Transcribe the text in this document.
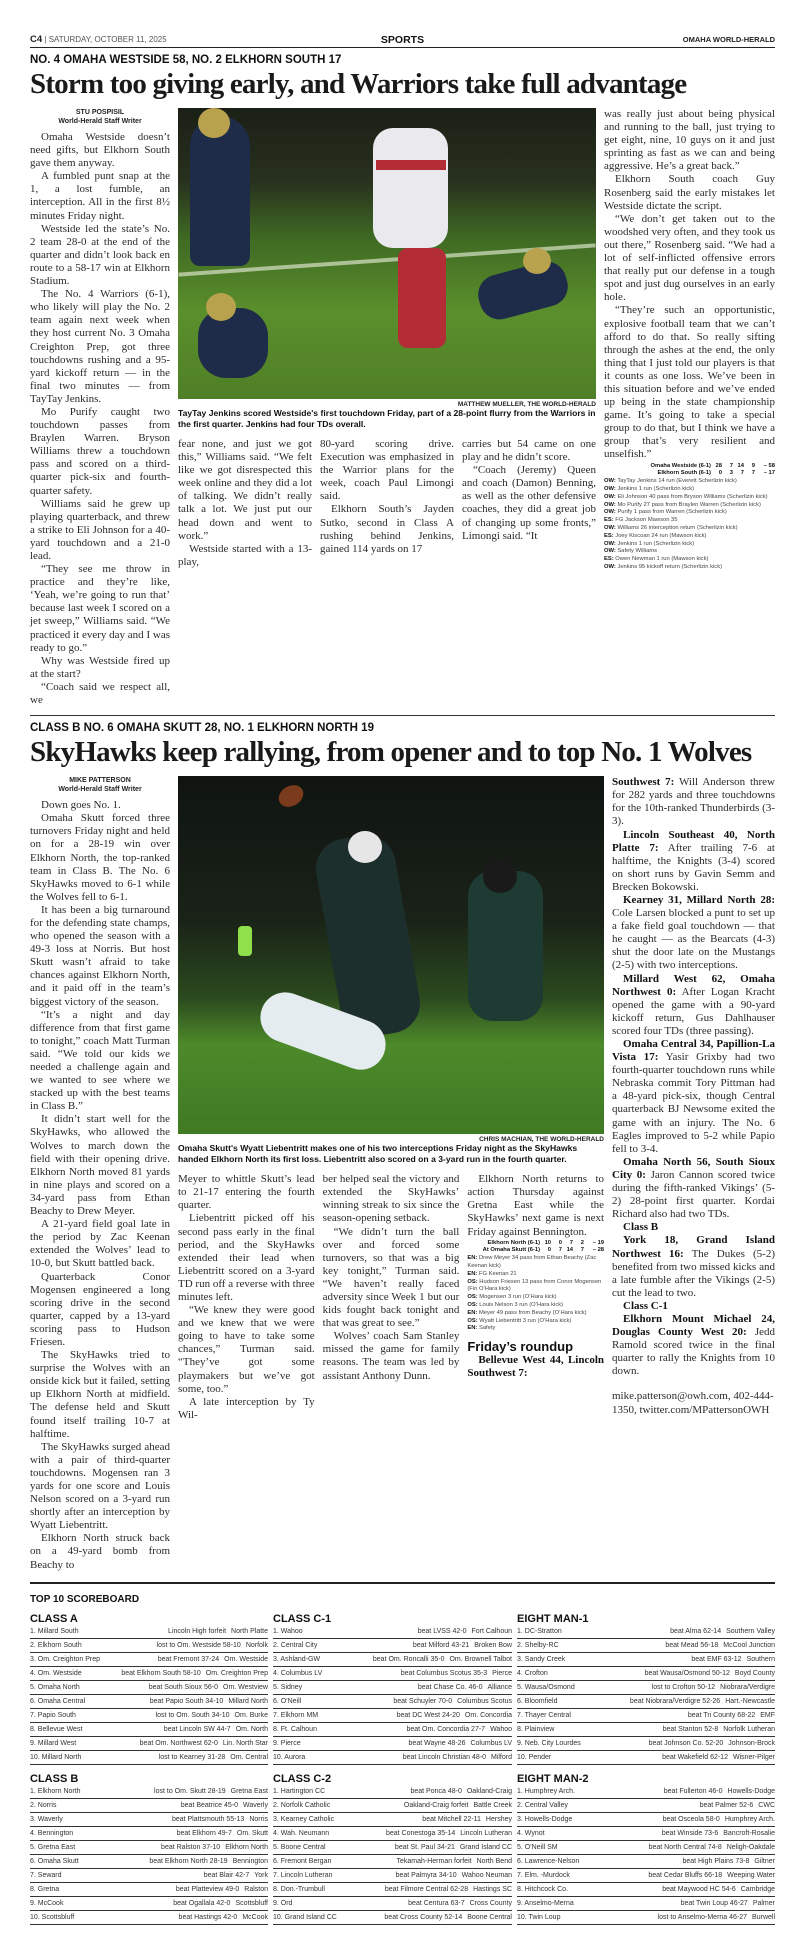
C4 | SATURDAY, OCTOBER 11, 2025	SPORTS	OMAHA WORLD-HERALD
NO. 4 OMAHA WESTSIDE 58, NO. 2 ELKHORN SOUTH 17
Storm too giving early, and Warriors take full advantage
STU POSPISIL
World-Herald Staff Writer

Omaha Westside doesn’t need gifts, but Elkhorn South gave them anyway.

A fumbled punt snap at the 1, a lost fumble, an interception. All in the first 8½ minutes Friday night.

Westside led the state’s No. 2 team 28-0 at the end of the quarter and didn’t look back en route to a 58-17 win at Elkhorn Stadium.

The No. 4 Warriors (6-1), who likely will play the No. 2 team again next week when they host current No. 3 Omaha Creighton Prep, got three touchdowns rushing and a 95-yard kickoff return — in the final two minutes — from TayTay Jenkins.

Mo Purify caught two touchdown passes from Braylen Warren. Bryson Williams threw a touchdown pass and scored on a third-quarter pick-six and fourth-quarter safety.

Williams said he grew up playing quarterback, and threw a strike to Eli Johnson for a 40-yard touchdown and a 21-0 lead.

“They see me throw in practice and they’re like, ‘Yeah, we’re going to run that’ because last week I scored on a jet sweep,” Williams said. “We practiced it every day and I was ready to go.”

Why was Westside fired up at the start?

“Coach said we respect all, we

MATTHEW MUELLER, THE WORLD-HERALD
TayTay Jenkins scored Westside's first touchdown Friday, part of a 28-point flurry from the Warriors in the first quarter. Jenkins had four TDs overall.

fear none, and just we got this,” Williams said. “We felt like we got disrespected this week online and they did a lot of talking. We didn’t really talk a lot. We just put our head down and went to work.”

Westside started with a 13-play,

80-yard scoring drive. Execution was emphasized in the Warrior plans for the week, coach Paul Limongi said.

Elkhorn South’s Jayden Sutko, second in Class A rushing behind Jenkins, gained 114 yards on 17

carries but 54 came on one play and he didn’t score.

“Coach (Jeremy) Queen and coach (Damon) Benning, as well as the other defensive coaches, they did a great job of changing up some fronts,” Limongi said. “It

was really just about being physical and running to the ball, just trying to get eight, nine, 10 guys on it and just sprinting as fast as we can and being aggressive. He’s a great back.”

Elkhorn South coach Guy Rosenberg said the early mistakes let Westside dictate the script.

“We don’t get taken out to the woodshed very often, and they took us out there,” Rosenberg said. “We had a lot of self-inflicted offensive errors that really put our defense in a tough spot and just dug ourselves in an early hole.

“They’re such an opportunistic, explosive football team that we can’t afford to do that. So really sifting through the ashes at the end, the only thing that I just told our players is that it counts as one loss. We’ve been in this situation before and we’ve ended up being in the state championship game. It’s going to take a special group to do that, but I think we have a group that’s very resilient and unselfish.”

Omaha Westside (6-1) 28	7 14	9	– 58
Elkhorn South (6-1)	0	3	7	7	– 17
OW: TayTay Jenkins 14 run (Everett Scherlizin kick)
OW: Jenkins 1 run (Scherlizin kick)
OW: Eli Johnson 40 pass from Bryson Williams (Scherlizin kick)
OW: Mo Purify 27 pass from Braylen Warren (Scherlizin kick)
OW: Purify 1 pass from Warren (Scherlizin kick)
ES: FG Jackson Mawson 35
OW: Williams 26 interception return (Scherlizin kick)
ES: Joey Kiscoan 24 run (Mawson kick)
OW: Jenkins 1 run (Scherlizin kick)
OW: Safety Williams
ES: Owen Newman 1 run (Mawson kick)
OW: Jenkins 95 kickoff return (Scherlizin kick)
CLASS B NO. 6 OMAHA SKUTT 28, NO. 1 ELKHORN NORTH 19
SkyHawks keep rallying, from opener and to top No. 1 Wolves
MIKE PATTERSON
World-Herald Staff Writer

Down goes No. 1.

Omaha Skutt forced three turnovers Friday night and held on for a 28-19 win over Elkhorn North, the top-ranked team in Class B. The No. 6 SkyHawks moved to 6-1 while the Wolves fell to 6-1.

It has been a big turnaround for the defending state champs, who opened the season with a 49-3 loss at Norris. But host Skutt wasn’t afraid to take chances against Elkhorn North, and it paid off in the team’s biggest victory of the season.

“It’s a night and day difference from that first game to tonight,” coach Matt Turman said. “We told our kids we needed a challenge again and we wanted to see where we stacked up with the best teams in Class B.”

It didn’t start well for the SkyHawks, who allowed the Wolves to march down the field with their opening drive. Elkhorn North moved 81 yards in nine plays and scored on a 34-yard pass from Ethan Beachy to Drew Meyer.

A 21-yard field goal late in the period by Zac Keenan extended the Wolves’ lead to 10-0, but Skutt battled back.

Quarterback Conor Mogensen engineered a long scoring drive in the second quarter, capped by a 13-yard scoring pass to Hudson Friesen.

The SkyHawks tried to surprise the Wolves with an onside kick but it failed, setting up Elkhorn North at midfield. The defense held and Skutt found itself trailing 10-7 at halftime.

The SkyHawks surged ahead with a pair of third-quarter touchdowns. Mogensen ran 3 yards for one score and Louis Nelson scored on a 3-yard run shortly after an interception by Wyatt Liebentritt.

Elkhorn North struck back on a 49-yard bomb from Beachy to

CHRIS MACHIAN, THE WORLD-HERALD
Omaha Skutt's Wyatt Liebentritt makes one of his two interceptions Friday night as the SkyHawks handed Elkhorn North its first loss. Liebentritt also scored on a 3-yard run in the fourth quarter.

Meyer to whittle Skutt’s lead to 21-17 entering the fourth quarter.

Liebentritt picked off his second pass early in the final period, and the SkyHawks extended their lead when Liebentritt scored on a 3-yard TD run off a reverse with three minutes left.

“We knew they were good and we knew that we were going to have to take some chances,” Turman said. “They’ve got some playmakers but we’ve got some, too.”

A late interception by Ty Wil-

ber helped seal the victory and extended the SkyHawks’ winning streak to six since the season-opening setback.

“We didn’t turn the ball over and forced some turnovers, so that was a big key tonight,” Turman said. “We haven’t really faced adversity since Week 1 but our kids fought back tonight and that was great to see.”

Wolves’ coach Sam Stanley missed the game for family reasons. The team was led by assistant Anthony Dunn.

Elkhorn North returns to action Thursday against Gretna East while the SkyHawks’ next game is next Friday against Bennington.

Elkhorn North (6-1) 10	0	7	2	– 19
At Omaha Skutt (6-1)	0	7 14	7	– 28
EN: Drew Meyer 34 pass from Ethan Beachy (Zac Keenan kick)
EN: FG Keenan 21
OS: Hudson Friesen 13 pass from Conor Mogensen (Fin O’Hara kick)
OS: Mogensen 3 run (O’Hara kick)
OS: Louis Nelson 3 run (O’Hara kick)
EN: Meyer 49 pass from Beachy (O’Hara kick)
OS: Wyatt Liebentritt 3 run (O’Hara kick)
EN: Safety
Friday’s roundup

Bellevue West 44, Lincoln Southwest 7:

Southwest 7: Will Anderson threw for 282 yards and three touchdowns for the 10th-ranked Thunderbirds (3-3).

Lincoln Southeast 40, North Platte 7: After trailing 7-6 at halftime, the Knights (3-4) scored on short runs by Gavin Semm and Brecken Bokowski.

Kearney 31, Millard North 28: Cole Larsen blocked a punt to set up a fake field goal touchdown — that he caught — as the Bearcats (4-3) shut the door late on the Mustangs (2-5) with two interceptions.

Millard West 62, Omaha Northwest 0: After Logan Kracht opened the game with a 90-yard kickoff return, Gus Dahlhauser scored four TDs (three passing).

Omaha Central 34, Papillion-La Vista 17: Yasir Grixby had two fourth-quarter touchdown runs while Nebraska commit Tory Pittman had a 48-yard pick-six, though Central quarterback BJ Newsome exited the game with an injury. The No. 6 Eagles improved to 5-2 while Papio fell to 3-4.

Omaha North 56, South Sioux City 0: Jaron Cannon scored twice during the fifth-ranked Vikings’ (5-2) 28-point first quarter. Kordai Richard also had two TDs.

Class B

York 18, Grand Island Northwest 16: The Dukes (5-2) benefited from two missed kicks and a late fumble after the Vikings (2-5) cut the lead to two.

Class C-1

Elkhorn Mount Michael 24, Douglas County West 20: Jedd Ramold scored twice in the final quarter to rally the Knights from 10 down.

mike.patterson@owh.com, 402-444-1350, twitter.com/MPattersonOWH

TOP 10 SCOREBOARD
CLASS A
1. Millard South	Lincoln High forfeit North Platte
2. Elkhorn South	lost to Om. Westside 58-10 Norfolk
3. Om. Creighton Prep	beat Fremont 37-24 Om. Westside
4. Om. Westside	beat Elkhorn South 58-10 Om. Creighton Prep
5. Omaha North	beat South Sioux 56-0 Om. Westview
6. Omaha Central	beat Papio South 34-10 Millard North
7. Papio South	lost to Om. South 34-10 Om. Burke
8. Bellevue West	beat Lincoln SW 44-7 Om. North
9. Millard West	beat Om. Northwest 62-0 Lin. North Star
10. Millard North	lost to Kearney 31-28 Om. Central
CLASS B
1. Elkhorn North	lost to Om. Skutt 28-19 Gretna East
2. Norris	beat Beatrice 45-0 Waverly
3. Waverly	beat Plattsmouth 55-13 Norris
4. Bennington	beat Elkhorn 49-7 Om. Skutt
5. Gretna East	beat Ralston 37-10 Elkhorn North
6. Omaha Skutt	beat Elkhorn North 28-19 Bennington
7. Seward	beat Blair 42-7 York
8. Gretna	beat Platteview 49-0 Ralston
9. McCook	beat Ogallala 42-0 Scottsbluff
10. Scottsbluff	beat Hastings 42-0 McCook
CLASS C-1
1. Wahoo	beat LVSS 42-0 Fort Calhoun
2. Central City	beat Milford 43-21 Broken Bow
3. Ashland-GW	beat Om. Roncalli 35-0 Om. Brownell Talbot
4. Columbus LV	beat Columbus Scotus 35-3 Pierce
5. Sidney	beat Chase Co. 46-0 Alliance
6. O'Neill	beat Schuyler 70-0 Columbus Scotus
7. Elkhorn MM	beat DC West 24-20 Om. Concordia
8. Ft. Calhoun	beat Om. Concordia 27-7 Wahoo
9. Pierce	beat Wayne 48-26 Columbus LV
10. Aurora	beat Lincoln Christian 48-0 Milford
CLASS C-2
1. Hartington CC	beat Ponca 48-0 Oakland-Craig
2. Norfolk Catholic	Oakland-Craig forfeit Battle Creek
3. Kearney Catholic	beat Mitchell 22-11 Hershey
4. Wah. Neumann	beat Conestoga 35-14 Lincoln Lutheran
5. Boone Central	beat St. Paul 34-21 Grand Island CC
6. Fremont Bergan	Tekamah-Herman forfeit North Bend
7. Lincoln Lutheran	beat Palmyra 34-10 Wahoo Neuman
8. Don.-Trumbull	beat Filmore Central 62-28 Hastings SC
9. Ord	beat Centura 63-7 Cross County
10. Grand Island CC	beat Cross County 52-14 Boone Central
EIGHT MAN-1
1. DC-Stratton	beat Alma 62-14 Southern Valley
2. Shelby-RC	beat Mead 56-18 McCool Junction
3. Sandy Creek	beat EMF 63-12 Southern
4. Crofton	beat Wausa/Osmond 50-12 Boyd County
5. Wausa/Osmond	lost to Crofton 50-12 Niobrara/Verdigre
6. Bloomfield	beat Niobrara/Verdigre 52-26 Hart.-Newcastle
7. Thayer Central	beat Tri County 68-22 EMF
8. Plainview	beat Stanton 52-8 Norfolk Lutheran
9. Neb. City Lourdes	beat Johnson Co. 52-20 Johnson-Brock
10. Pender	beat Wakefield 62-12 Wisner-Pilger
EIGHT MAN-2
1. Humphrey Arch.	beat Fullerton 46-0 Howells-Dodge
2. Central Valley	beat Palmer 52-6 CWC
3. Howells-Dodge	beat Osceola 58-0 Humphrey Arch.
4. Wynot	beat Winside 73-6 Bancroft-Rosalie
5. O'Neill SM	beat North Central 74-8 Neligh-Oakdale
6. Lawrence-Nelson	beat High Plains 73-8 Giltner
7. Elm. -Murdock	beat Cedar Bluffs 66-18 Weeping Water
8. Hitchcock Co.	beat Maywood HC 54-6 Cambridge
9. Anselmo-Merna	beat Twin Loup 46-27 Palmer
10. Twin Loup	lost to Anselmo-Merna 46-27 Burwell
